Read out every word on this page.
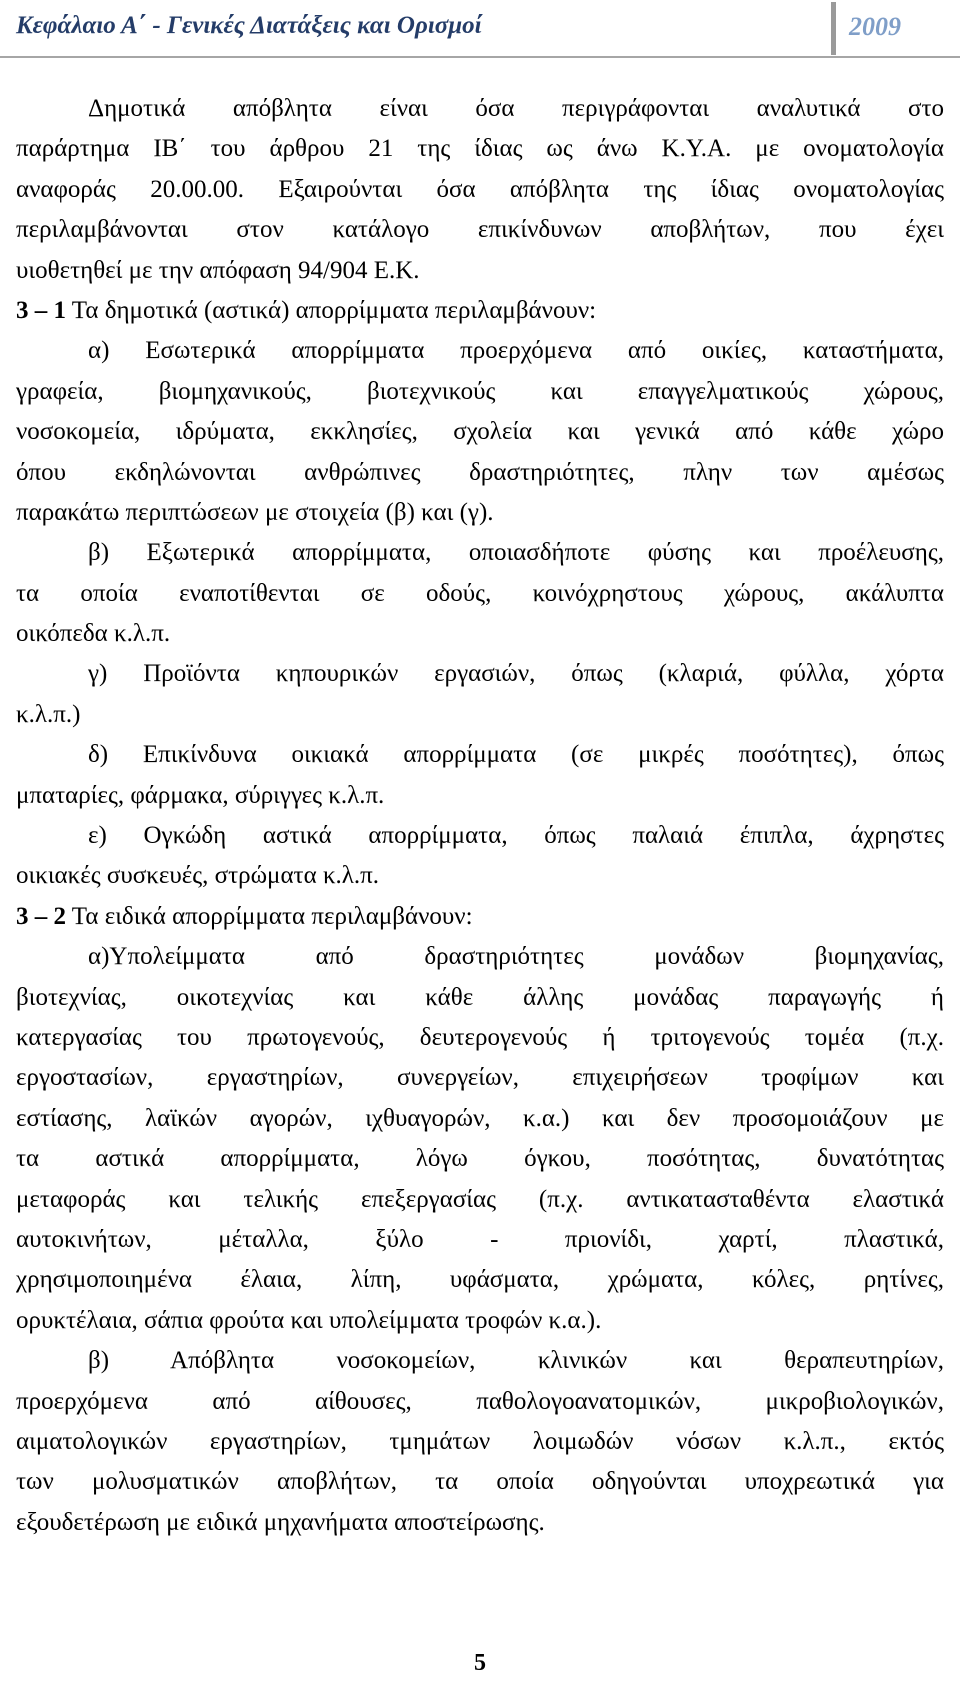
Κεφάλαιο Α΄ - Γενικές Διατάξεις και Ορισμοί	2009
Δημοτικά απόβλητα είναι όσα περιγράφονται αναλυτικά στο
παράρτημα ΙΒ΄ του άρθρου 21 της ίδιας ως άνω Κ.Υ.Α. με ονοματολογία
αναφοράς 20.00.00. Εξαιρούνται όσα απόβλητα της ίδιας ονοματολογίας
περιλαμβάνονται στον κατάλογο επικίνδυνων αποβλήτων, που έχει
υιοθετηθεί με την απόφαση 94/904 Ε.Κ.
3 – 1 Τα δημοτικά (αστικά) απορρίμματα περιλαμβάνουν:
α) Εσωτερικά απορρίμματα προερχόμενα από οικίες, καταστήματα,
γραφεία, βιομηχανικούς, βιοτεχνικούς και επαγγελματικούς χώρους,
νοσοκομεία, ιδρύματα, εκκλησίες, σχολεία και γενικά από κάθε χώρο
όπου εκδηλώνονται ανθρώπινες δραστηριότητες, πλην των αμέσως
παρακάτω περιπτώσεων με στοιχεία (β) και (γ).
β) Εξωτερικά απορρίμματα, οποιασδήποτε φύσης και προέλευσης,
τα οποία εναποτίθενται σε οδούς, κοινόχρηστους χώρους, ακάλυπτα
οικόπεδα κ.λ.π.
γ) Προϊόντα κηπουρικών εργασιών, όπως (κλαριά, φύλλα, χόρτα
κ.λ.π.)
δ) Επικίνδυνα οικιακά απορρίμματα (σε μικρές ποσότητες), όπως
μπαταρίες, φάρμακα, σύριγγες κ.λ.π.
ε) Ογκώδη αστικά απορρίμματα, όπως παλαιά έπιπλα, άχρηστες
οικιακές συσκευές, στρώματα κ.λ.π.
3 – 2 Τα ειδικά απορρίμματα περιλαμβάνουν:
α)Υπολείμματα από δραστηριότητες μονάδων βιομηχανίας,
βιοτεχνίας, οικοτεχνίας και κάθε άλλης μονάδας παραγωγής ή
κατεργασίας του πρωτογενούς, δευτερογενούς ή τριτογενούς τομέα (π.χ.
εργοστασίων, εργαστηρίων, συνεργείων, επιχειρήσεων τροφίμων και
εστίασης, λαϊκών αγορών, ιχθυαγορών, κ.α.) και δεν προσομοιάζουν με
τα αστικά απορρίμματα, λόγω όγκου, ποσότητας, δυνατότητας
μεταφοράς και τελικής επεξεργασίας (π.χ. αντικατασταθέντα ελαστικά
αυτοκινήτων, μέταλλα, ξύλο - πριονίδι, χαρτί, πλαστικά,
χρησιμοποιημένα έλαια, λίπη, υφάσματα, χρώματα, κόλες, ρητίνες,
ορυκτέλαια, σάπια φρούτα και υπολείμματα τροφών κ.α.).
β) Απόβλητα νοσοκομείων, κλινικών και θεραπευτηρίων,
προερχόμενα από αίθουσες, παθολογοανατομικών, μικροβιολογικών,
αιματολογικών εργαστηρίων, τμημάτων λοιμωδών νόσων κ.λ.π., εκτός
των μολυσματικών αποβλήτων, τα οποία οδηγούνται υποχρεωτικά για
εξουδετέρωση με ειδικά μηχανήματα αποστείρωσης.
5
